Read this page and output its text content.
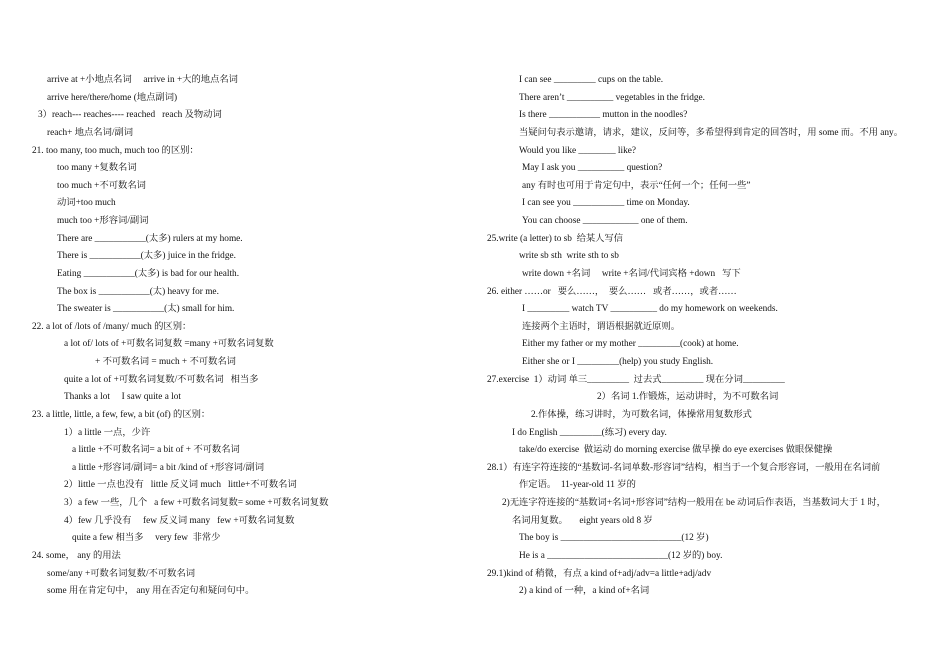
arrive at +小地点名词     arrive in +大的地点名词
arrive here/there/home (地点副词)
3）reach--- reaches---- reached   reach 及物动词
reach+ 地点名词/副词
21. too many, too much, much too 的区别：
too many +复数名词
too much +不可数名词
动词+too much
much too +形容词/副词
There are ___________(太多) rulers at my home.
There is ___________(太多) juice in the fridge.
Eating ___________(太多) is bad for our health.
The box is ___________(太) heavy for me.
The sweater is ___________(太) small for him.
22. a lot of /lots of /many/ much 的区别：
a lot of/ lots of +可数名词复数 =many +可数名词复数
+ 不可数名词 = much + 不可数名词
quite a lot of +可数名词复数/不可数名词   相当多
Thanks a lot     I saw quite a lot
23. a little, little, a few, few, a bit (of) 的区别：
1）a little 一点，少许
a little +不可数名词= a bit of + 不可数名词
a little +形容词/副词= a bit /kind of +形容词/副词
2）little 一点也没有   little 反义词 much   little+不可数名词
3）a few 一些，几个   a few +可数名词复数= some +可数名词复数
4）few 几乎没有     few 反义词 many   few +可数名词复数
quite a few 相当多     very few  非常少
24. some， any 的用法
some/any +可数名词复数/不可数名词
some 用在肯定句中， any 用在否定句和疑问句中。
I can see _________ cups on the table.
There aren’t __________ vegetables in the fridge.
Is there ___________ mutton in the noodles?
当疑问句表示邀请，请求，建议，反问等，多希望得到肯定的回答时，用 some 而。不用 any。
Would you like ________ like?
May I ask you __________ question?
any 有时也可用于肯定句中，表示“任何一个；任何一些”
I can see you ___________ time on Monday.
You can choose ____________ one of them.
25.write (a letter) to sb  给某人写信
write sb sth  write sth to sb
write down +名词     write +名词/代词宾格 +down   写下
26. either ……or   要么……，  要么……   或者……，或者……
I _________ watch TV __________ do my homework on weekends.
连接两个主语时，谓语根据就近原则。
Either my father or my mother _________(cook) at home.
Either she or I _________(help) you study English.
27.exercise  1）动词 单三_________  过去式_________ 现在分词_________
2）名词 1.作锻炼，运动讲时，为不可数名词
2.作体操，练习讲时，为可数名词，体操常用复数形式
I do English _________(练习) every day.
take/do exercise  做运动 do morning exercise 做早操 do eye exercises 做眼保健操
28.1）有连字符连接的“基数词-名词单数-形容词”结构，相当于一个复合形容词，一般用在名词前
作定语。  11-year-old 11 岁的
2)无连字符连接的“基数词+名词+形容词”结构一般用在 be 动词后作表语，当基数词大于 1 时，
名词用复数。     eight years old 8 岁
The boy is __________________________(12 岁)
He is a __________________________(12 岁的) boy.
29.1)kind of 稍微，有点 a kind of+adj/adv=a little+adj/adv
2) a kind of 一种，a kind of+名词
